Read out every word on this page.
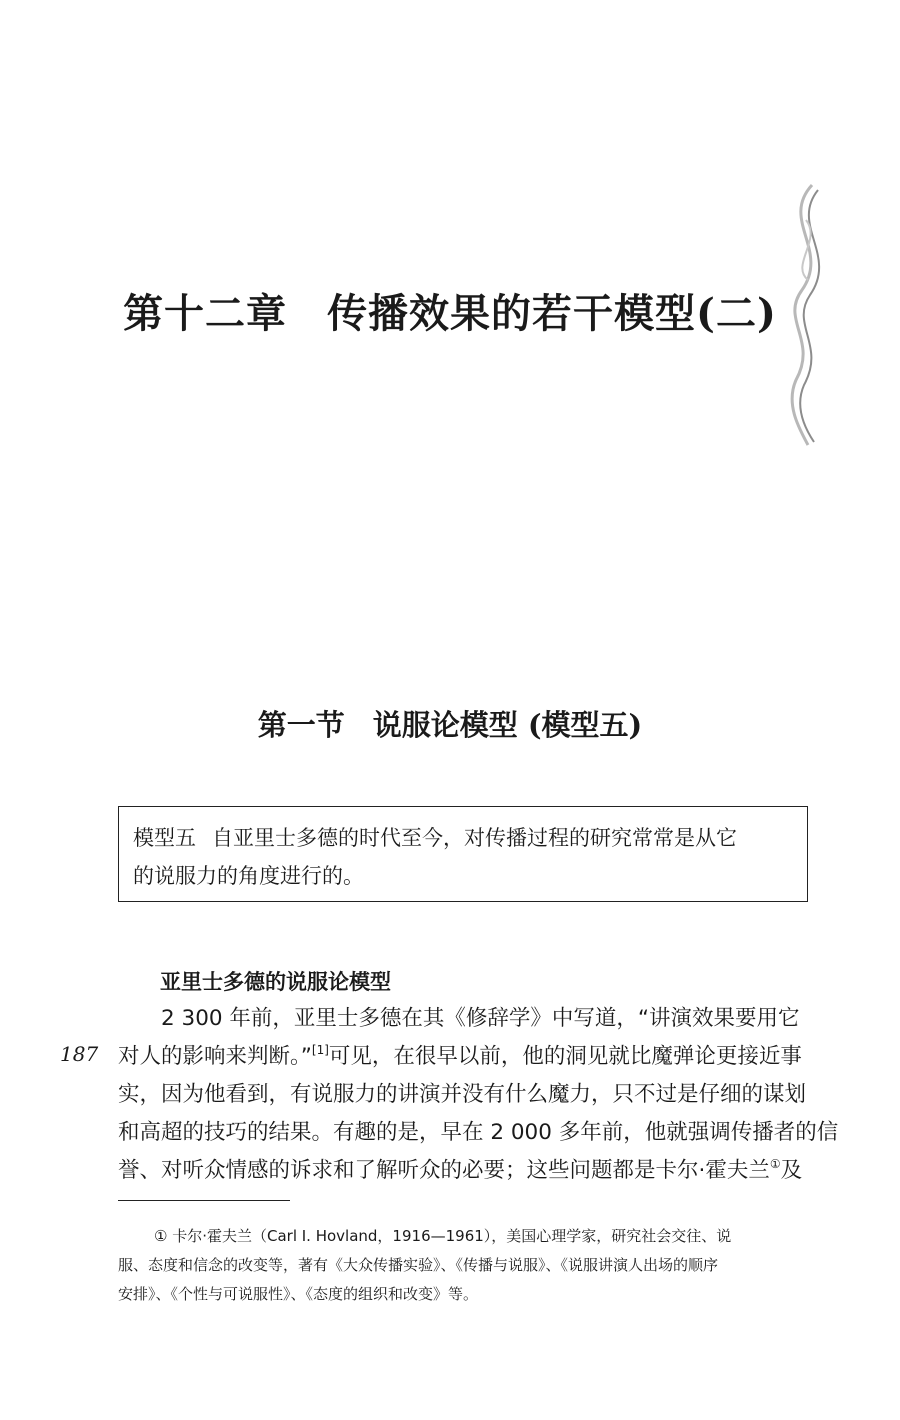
第十二章 传播效果的若干模型(二)
第一节 说服论模型 (模型五)
模型五 自亚里士多德的时代至今，对传播过程的研究常常是从它
的说服力的角度进行的。
亚里士多德的说服论模型
187
2 300 年前，亚里士多德在其《修辞学》中写道，“讲演效果要用它
对人的影响来判断。”[1]可见，在很早以前，他的洞见就比魔弹论更接近事
实，因为他看到，有说服力的讲演并没有什么魔力，只不过是仔细的谋划
和高超的技巧的结果。有趣的是，早在 2 000 多年前，他就强调传播者的信
誉、对听众情感的诉求和了解听众的必要；这些问题都是卡尔·霍夫兰①及
① 卡尔·霍夫兰（Carl I. Hovland，1916—1961），美国心理学家，研究社会交往、说
服、态度和信念的改变等，著有《大众传播实验》、《传播与说服》、《说服讲演人出场的顺序
安排》、《个性与可说服性》、《态度的组织和改变》等。
